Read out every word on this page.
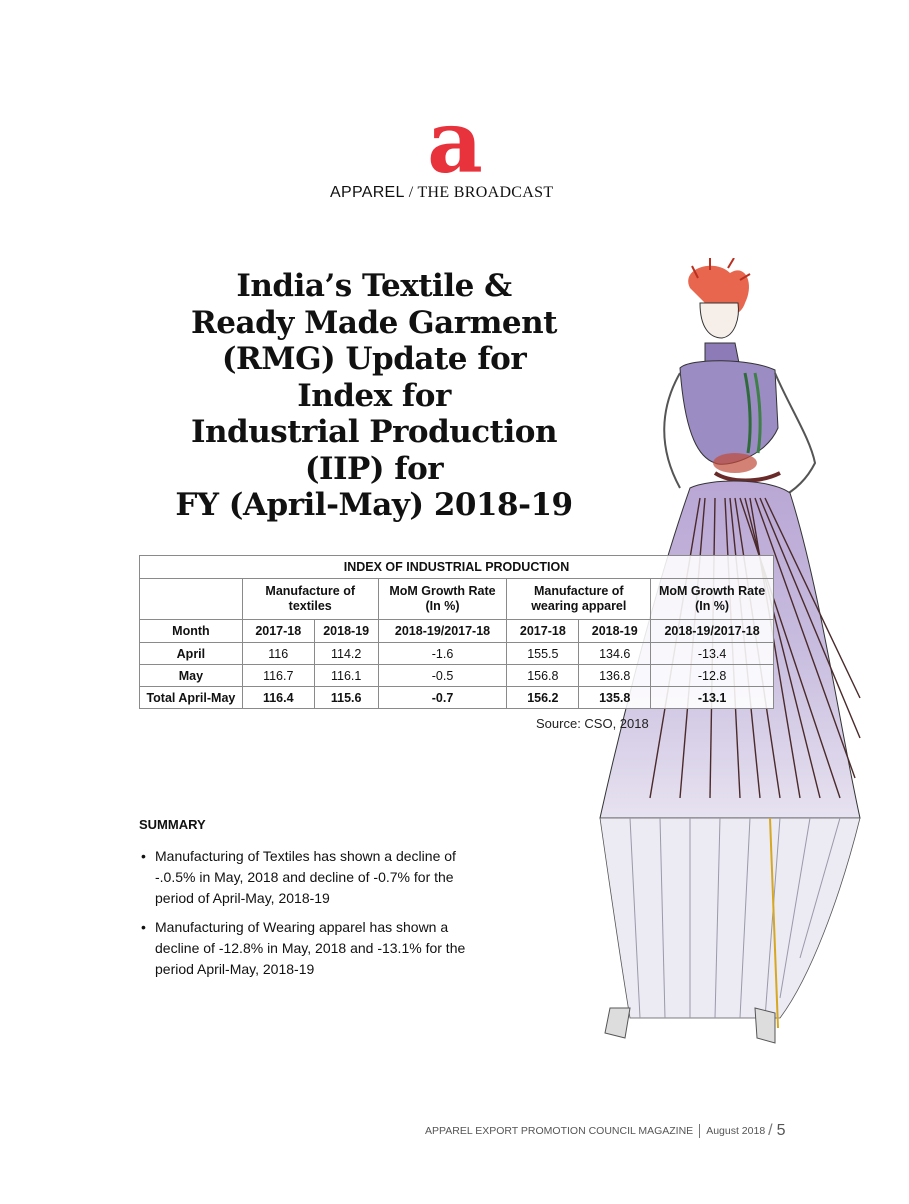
a
APPAREL / THE BROADCAST
India’s Textile &
Ready Made Garment
(RMG) Update for
Index for
Industrial Production
(IIP) for
FY (April-May) 2018-19
INDEX OF INDUSTRIAL PRODUCTION						
	Manufacture of textiles		MoM Growth Rate (In %)	Manufacture of wearing apparel		MoM Growth Rate (In %)
Month	2017-18	2018-19	2018-19/2017-18	2017-18	2018-19	2018-19/2017-18
April	116	114.2	-1.6	155.5	134.6	-13.4
May	116.7	116.1	-0.5	156.8	136.8	-12.8
Total April-May	116.4	115.6	-0.7	156.2	135.8	-13.1
Source: CSO, 2018
SUMMARY
• Manufacturing of Textiles has shown a decline of -.0.5% in May, 2018 and decline of -0.7% for the period of April-May, 2018-19
• Manufacturing of Wearing apparel has shown a decline of -12.8% in May, 2018 and -13.1% for the period April-May, 2018-19
APPAREL EXPORT PROMOTION COUNCIL MAGAZINE August 2018 / 5
